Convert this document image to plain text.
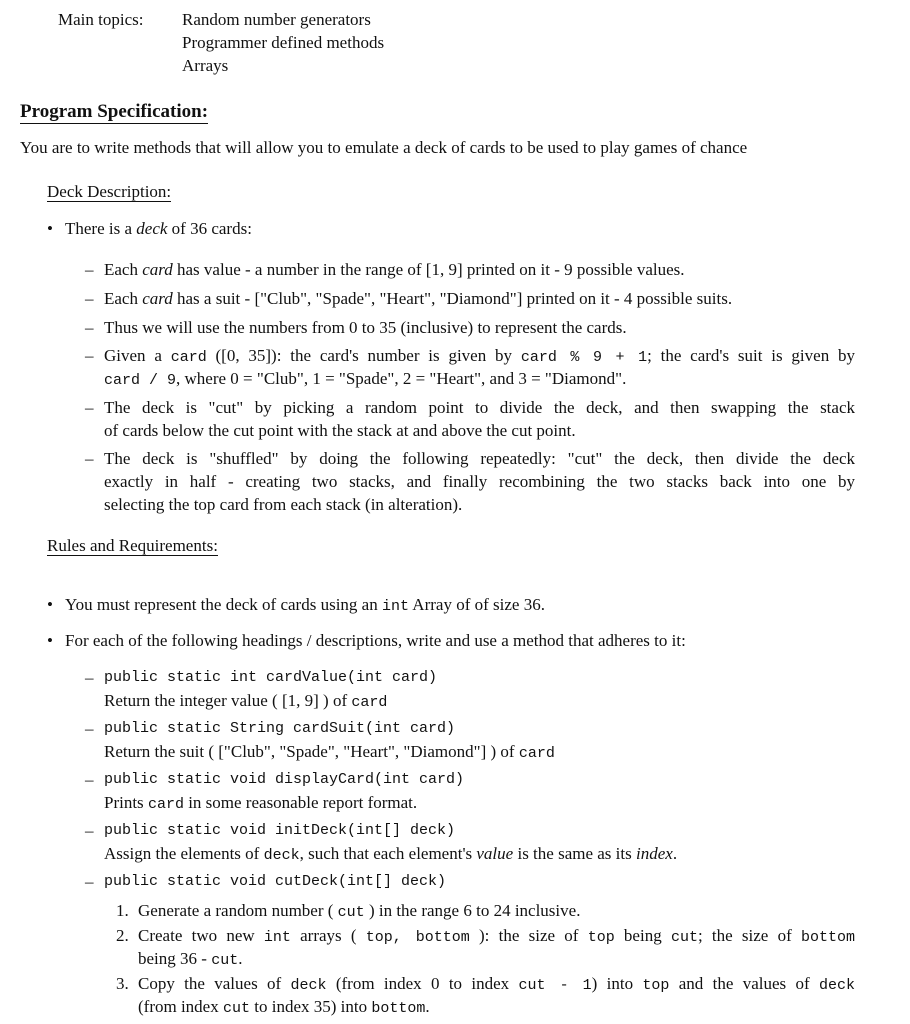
Main topics: Random number generators
Programmer defined methods
Arrays
Program Specification:
You are to write methods that will allow you to emulate a deck of cards to be used to play games of chance
Deck Description:
• There is a deck of 36 cards:
– Each card has value - a number in the range of [1, 9] printed on it - 9 possible values.
– Each card has a suit - ["Club", "Spade", "Heart", "Diamond"] printed on it - 4 possible suits.
– Thus we will use the numbers from 0 to 35 (inclusive) to represent the cards.
– Given a card ([0, 35]): the card's number is given by card % 9 + 1; the card's suit is given by
card / 9, where 0 = "Club", 1 = "Spade", 2 = "Heart", and 3 = "Diamond".
– The deck is "cut" by picking a random point to divide the deck, and then swapping the stack
of cards below the cut point with the stack at and above the cut point.
– The deck is "shuffled" by doing the following repeatedly: "cut" the deck, then divide the deck
exactly in half - creating two stacks, and finally recombining the two stacks back into one by
selecting the top card from each stack (in alteration).
Rules and Requirements:
• You must represent the deck of cards using an int Array of of size 36.
• For each of the following headings / descriptions, write and use a method that adheres to it:
– public static int cardValue(int card)
Return the integer value ( [1, 9] ) of card
– public static String cardSuit(int card)
Return the suit ( ["Club", "Spade", "Heart", "Diamond"] ) of card
– public static void displayCard(int card)
Prints card in some reasonable report format.
– public static void initDeck(int[] deck)
Assign the elements of deck, such that each element's value is the same as its index.
– public static void cutDeck(int[] deck)
1. Generate a random number ( cut ) in the range 6 to 24 inclusive.
2. Create two new int arrays ( top, bottom ): the size of top being cut; the size of bottom
being 36 - cut.
3. Copy the values of deck (from index 0 to index cut - 1) into top and the values of deck
(from index cut to index 35) into bottom.
